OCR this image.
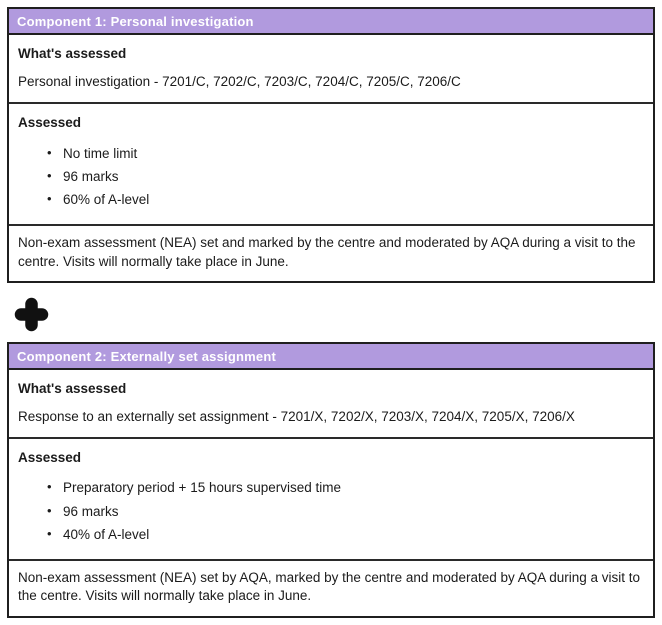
Component 1: Personal investigation
What's assessed
Personal investigation - 7201/C, 7202/C, 7203/C, 7204/C, 7205/C, 7206/C
Assessed
• No time limit
• 96 marks
• 60% of A-level
Non-exam assessment (NEA) set and marked by the centre and moderated by AQA during a visit to the centre. Visits will normally take place in June.
Component 2: Externally set assignment
What's assessed
Response to an externally set assignment - 7201/X, 7202/X, 7203/X, 7204/X, 7205/X, 7206/X
Assessed
• Preparatory period + 15 hours supervised time
• 96 marks
• 40% of A-level
Non-exam assessment (NEA) set by AQA, marked by the centre and moderated by AQA during a visit to the centre. Visits will normally take place in June.
